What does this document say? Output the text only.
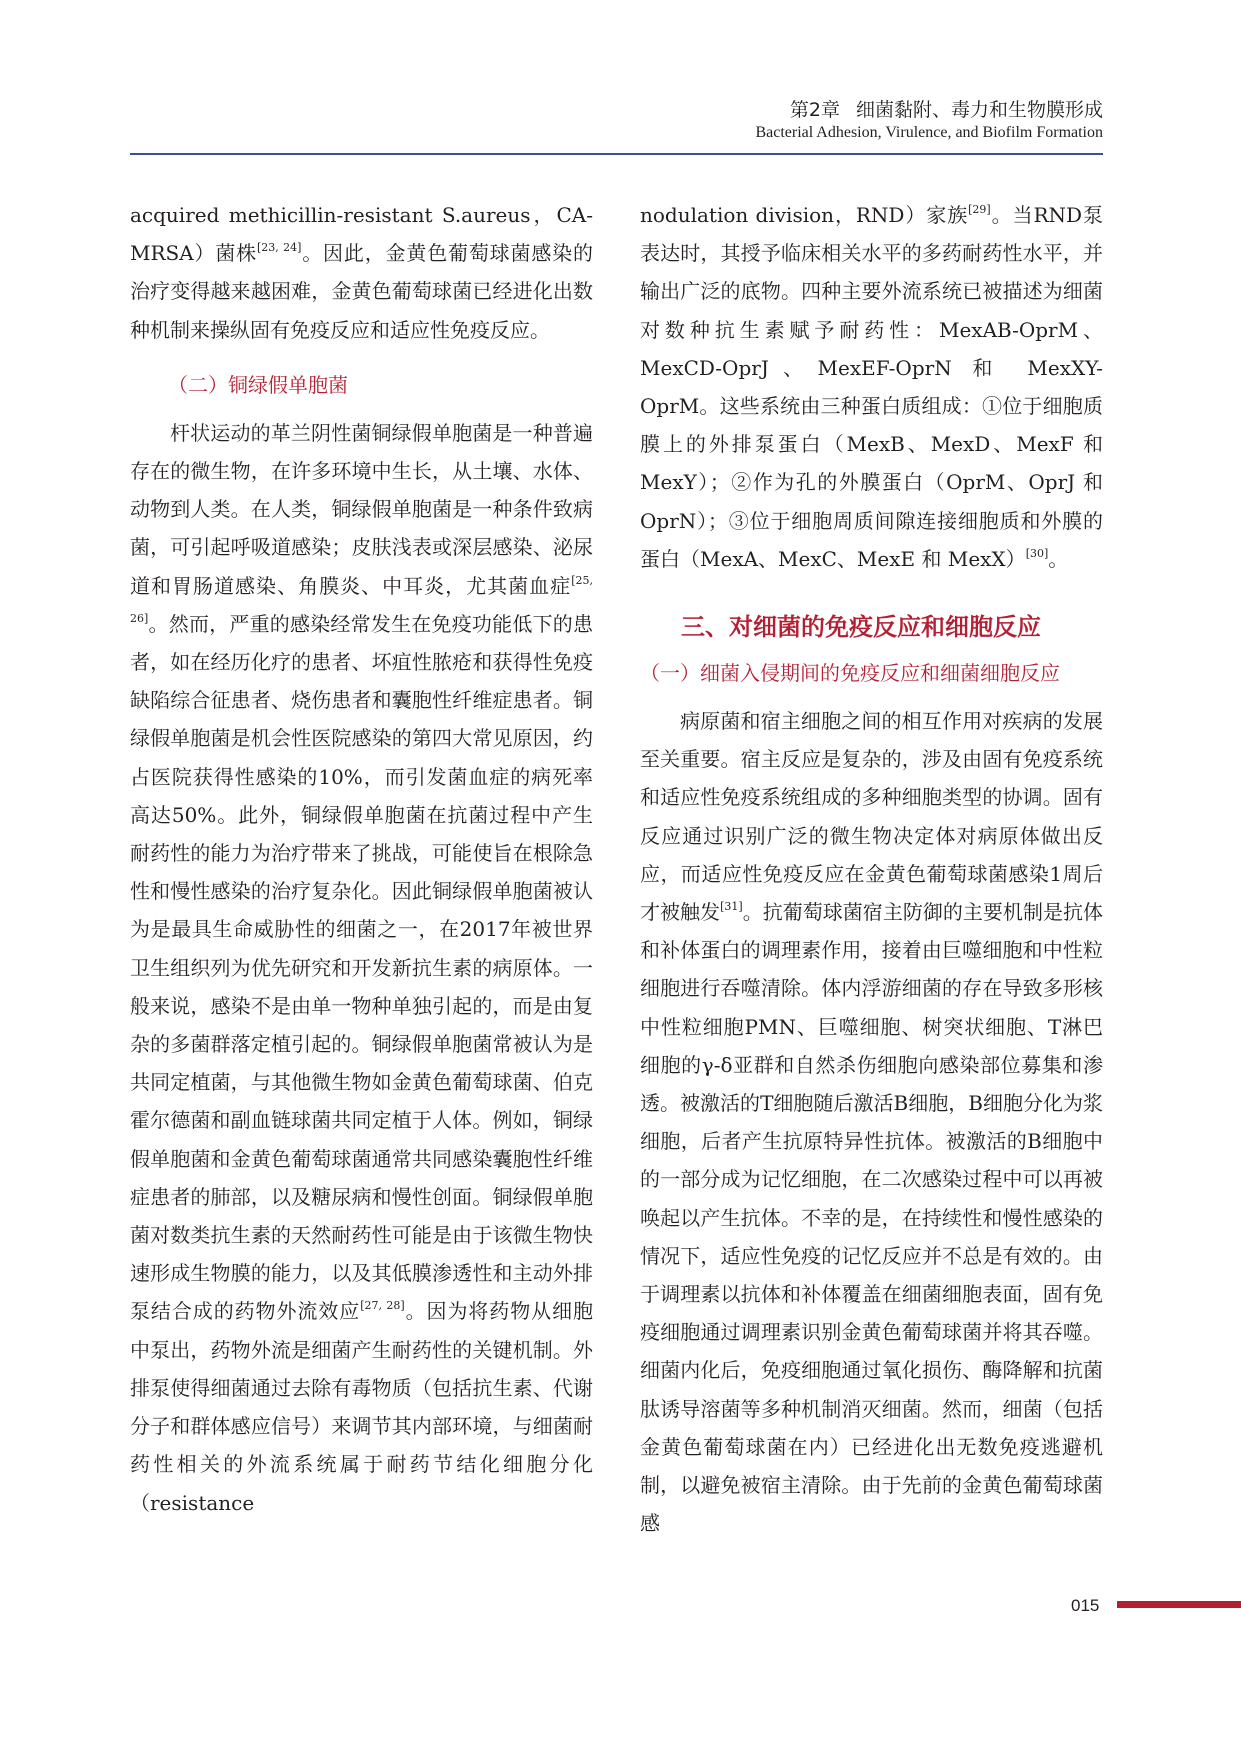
第2章 细菌黏附、毒力和生物膜形成
Bacterial Adhesion, Virulence, and Biofilm Formation

acquired methicillin-resistant S.aureus，CA-MRSA）菌株[23, 24]。因此，金黄色葡萄球菌感染的治疗变得越来越困难，金黄色葡萄球菌已经进化出数种机制来操纵固有免疫反应和适应性免疫反应。

（二）铜绿假单胞菌

杆状运动的革兰阴性菌铜绿假单胞菌是一种普遍存在的微生物，在许多环境中生长，从土壤、水体、动物到人类。在人类，铜绿假单胞菌是一种条件致病菌，可引起呼吸道感染；皮肤浅表或深层感染、泌尿道和胃肠道感染、角膜炎、中耳炎，尤其菌血症[25, 26]。然而，严重的感染经常发生在免疫功能低下的患者，如在经历化疗的患者、坏疽性脓疮和获得性免疫缺陷综合征患者、烧伤患者和囊胞性纤维症患者。铜绿假单胞菌是机会性医院感染的第四大常见原因，约占医院获得性感染的10%，而引发菌血症的病死率高达50%。此外，铜绿假单胞菌在抗菌过程中产生耐药性的能力为治疗带来了挑战，可能使旨在根除急性和慢性感染的治疗复杂化。因此铜绿假单胞菌被认为是最具生命威胁性的细菌之一，在2017年被世界卫生组织列为优先研究和开发新抗生素的病原体。一般来说，感染不是由单一物种单独引起的，而是由复杂的多菌群落定植引起的。铜绿假单胞菌常被认为是共同定植菌，与其他微生物如金黄色葡萄球菌、伯克霍尔德菌和副血链球菌共同定植于人体。例如，铜绿假单胞菌和金黄色葡萄球菌通常共同感染囊胞性纤维症患者的肺部，以及糖尿病和慢性创面。铜绿假单胞菌对数类抗生素的天然耐药性可能是由于该微生物快速形成生物膜的能力，以及其低膜渗透性和主动外排泵结合成的药物外流效应[27, 28]。因为将药物从细胞中泵出，药物外流是细菌产生耐药性的关键机制。外排泵使得细菌通过去除有毒物质（包括抗生素、代谢分子和群体感应信号）来调节其内部环境，与细菌耐药性相关的外流系统属于耐药节结化细胞分化（resistance

nodulation division，RND）家族[29]。当RND泵表达时，其授予临床相关水平的多药耐药性水平，并输出广泛的底物。四种主要外流系统已被描述为细菌对数种抗生素赋予耐药性：MexAB-OprM、MexCD-OprJ、MexEF-OprN 和 MexXY-OprM。这些系统由三种蛋白质组成：①位于细胞质膜上的外排泵蛋白（MexB、MexD、MexF 和 MexY）；②作为孔的外膜蛋白（OprM、OprJ 和 OprN）；③位于细胞周质间隙连接细胞质和外膜的蛋白（MexA、MexC、MexE 和 MexX）[30]。

三、对细菌的免疫反应和细胞反应
（一）细菌入侵期间的免疫反应和细菌细胞反应

病原菌和宿主细胞之间的相互作用对疾病的发展至关重要。宿主反应是复杂的，涉及由固有免疫系统和适应性免疫系统组成的多种细胞类型的协调。固有反应通过识别广泛的微生物决定体对病原体做出反应，而适应性免疫反应在金黄色葡萄球菌感染1周后才被触发[31]。抗葡萄球菌宿主防御的主要机制是抗体和补体蛋白的调理素作用，接着由巨噬细胞和中性粒细胞进行吞噬清除。体内浮游细菌的存在导致多形核中性粒细胞PMN、巨噬细胞、树突状细胞、T淋巴细胞的γ-δ亚群和自然杀伤细胞向感染部位募集和渗透。被激活的T细胞随后激活B细胞，B细胞分化为浆细胞，后者产生抗原特异性抗体。被激活的B细胞中的一部分成为记忆细胞，在二次感染过程中可以再被唤起以产生抗体。不幸的是，在持续性和慢性感染的情况下，适应性免疫的记忆反应并不总是有效的。由于调理素以抗体和补体覆盖在细菌细胞表面，固有免疫细胞通过调理素识别金黄色葡萄球菌并将其吞噬。细菌内化后，免疫细胞通过氧化损伤、酶降解和抗菌肽诱导溶菌等多种机制消灭细菌。然而，细菌（包括金黄色葡萄球菌在内）已经进化出无数免疫逃避机制，以避免被宿主清除。由于先前的金黄色葡萄球菌感

015
